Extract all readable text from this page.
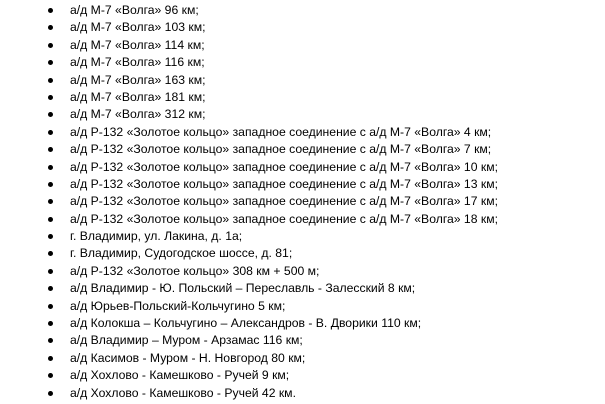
а/д М-7 «Волга» 96 км;
а/д М-7 «Волга» 103 км;
а/д М-7 «Волга» 114 км;
а/д М-7 «Волга» 116 км;
а/д М-7 «Волга» 163 км;
а/д М-7 «Волга» 181 км;
а/д М-7 «Волга» 312 км;
а/д Р-132 «Золотое кольцо» западное соединение с а/д М-7 «Волга» 4 км;
а/д Р-132 «Золотое кольцо» западное соединение с а/д М-7 «Волга» 7 км;
а/д Р-132 «Золотое кольцо» западное соединение с а/д М-7 «Волга» 10 км;
а/д Р-132 «Золотое кольцо» западное соединение с а/д М-7 «Волга» 13 км;
а/д Р-132 «Золотое кольцо» западное соединение с а/д М-7 «Волга» 17 км;
а/д Р-132 «Золотое кольцо» западное соединение с а/д М-7 «Волга» 18 км;
г. Владимир, ул. Лакина, д. 1а;
г. Владимир, Судогодское шоссе, д. 81;
а/д Р-132 «Золотое кольцо» 308 км + 500 м;
а/д Владимир - Ю. Польский – Переславль - Залесский 8 км;
а/д Юрьев-Польский-Кольчугино 5 км;
а/д Колокша – Кольчугино – Александров - В. Дворики 110 км;
а/д Владимир – Муром - Арзамас 116 км;
а/д Касимов - Муром - Н. Новгород 80 км;
а/д Хохлово - Камешково - Ручей 9 км;
а/д Хохлово - Камешково - Ручей 42 км.
